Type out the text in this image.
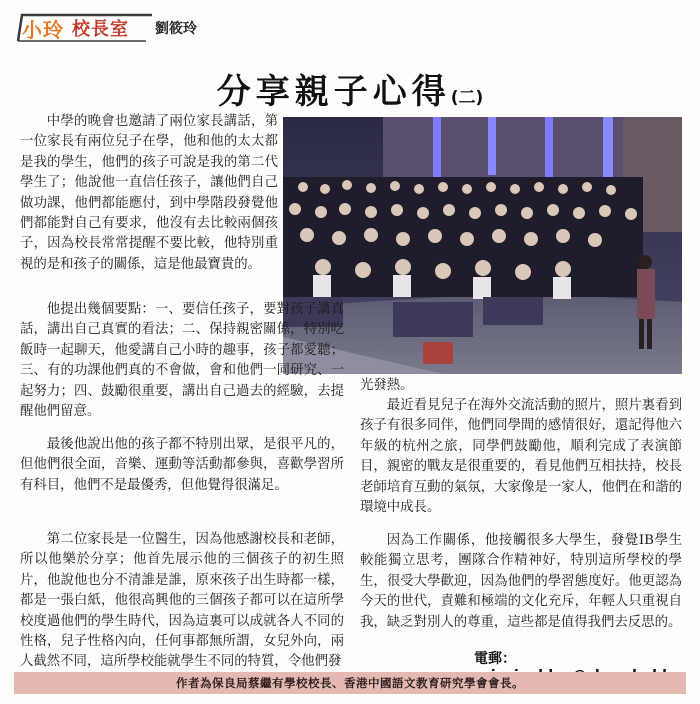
小玲 校長室 劉筱玲
分享親子心得(二)

中學的晚會也邀請了兩位家長講話，第一位家長有兩位兒子在學，他和他的太太都是我的學生，他們的孩子可說是我的第二代學生了；他說他一直信任孩子，讓他們自己做功課，他們都能應付，到中學階段發覺他們都能對自己有要求，他沒有去比較兩個孩子，因為校長常常提醒不要比較，他特別重視的是和孩子的關係，這是他最寶貴的。

他提出幾個要點：一、要信任孩子，要對孩子講真話，講出自己真實的看法；二、保持親密關係，特別吃飯時一起聊天，他愛講自己小時的趣事，孩子都愛聽；三、有的功課他們真的不會做，會和他們一同研究、一起努力；四、鼓勵很重要，講出自己過去的經驗，去提醒他們留意。

最後他說出他的孩子都不特別出眾，是很平凡的，但他們很全面，音樂、運動等活動都參與，喜歡學習所有科目，他們不是最優秀，但他覺得很滿足。

第二位家長是一位醫生，因為他感謝校長和老師，所以他樂於分享；他首先展示他的三個孩子的初生照片，他說他也分不清誰是誰，原來孩子出生時都一樣，都是一張白紙，他很高興他的三個孩子都可以在這所學校度過他們的學生時代，因為這裏可以成就各人不同的性格，兒子性格內向，任何事都無所謂，女兒外向，兩人截然不同，這所學校能就學生不同的特質，令他們發

光發熱。

最近看見兒子在海外交流活動的照片，照片裏看到孩子有很多同伴，他們同學間的感情很好，還記得他六年級的杭州之旅，同學們鼓勵他，順利完成了表演節目，親密的戰友是很重要的，看見他們互相扶持，校長老師培育互動的氣氛，大家像是一家人，他們在和諧的環境中成長。

因為工作關係，他接觸很多大學生，發覺IB學生較能獨立思考，團隊合作精神好，特別這所學校的學生，很受大學歡迎，因為他們的學習態度好。他更認為今天的世代，責難和極端的文化充斥，年輕人只重視自我，缺乏對別人的尊重，這些都是值得我們去反思的。

電郵：
作者為保良局蔡繼有學校校長、香港中國語文教育研究學會會長。
